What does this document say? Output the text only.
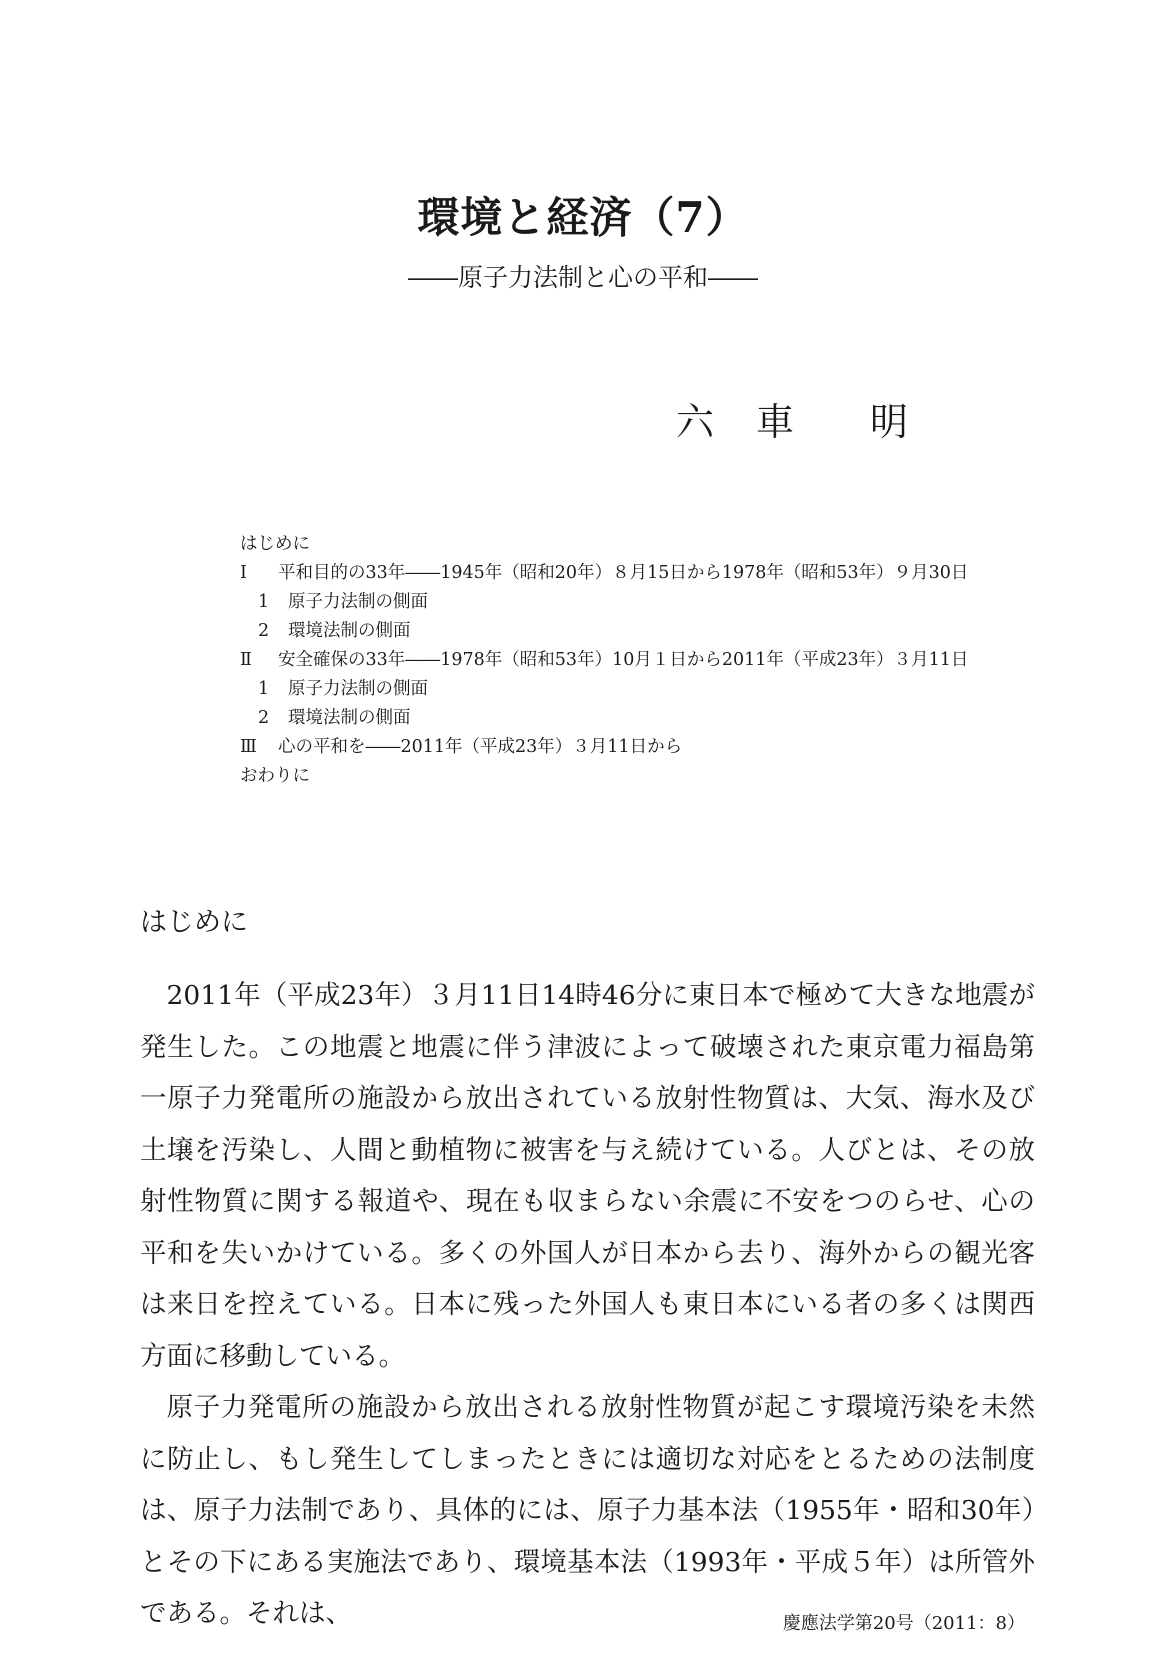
環境と経済（7）
――原子力法制と心の平和――
六 車 明
はじめに
Ⅰ 平和目的の33年――1945年（昭和20年）８月15日から1978年（昭和53年）９月30日
1 原子力法制の側面
2 環境法制の側面
Ⅱ 安全確保の33年――1978年（昭和53年）10月１日から2011年（平成23年）３月11日
1 原子力法制の側面
2 環境法制の側面
Ⅲ 心の平和を――2011年（平成23年）３月11日から
おわりに
はじめに

2011年（平成23年）３月11日14時46分に東日本で極めて大きな地震が発生した。この地震と地震に伴う津波によって破壊された東京電力福島第一原子力発電所の施設から放出されている放射性物質は、大気、海水及び土壌を汚染し、人間と動植物に被害を与え続けている。人びとは、その放射性物質に関する報道や、現在も収まらない余震に不安をつのらせ、心の平和を失いかけている。多くの外国人が日本から去り、海外からの観光客は来日を控えている。日本に残った外国人も東日本にいる者の多くは関西方面に移動している。

原子力発電所の施設から放出される放射性物質が起こす環境汚染を未然に防止し、もし発生してしまったときには適切な対応をとるための法制度は、原子力法制であり、具体的には、原子力基本法（1955年・昭和30年）とその下にある実施法であり、環境基本法（1993年・平成５年）は所管外である。それは、	慶應法学第20号（2011：8）
